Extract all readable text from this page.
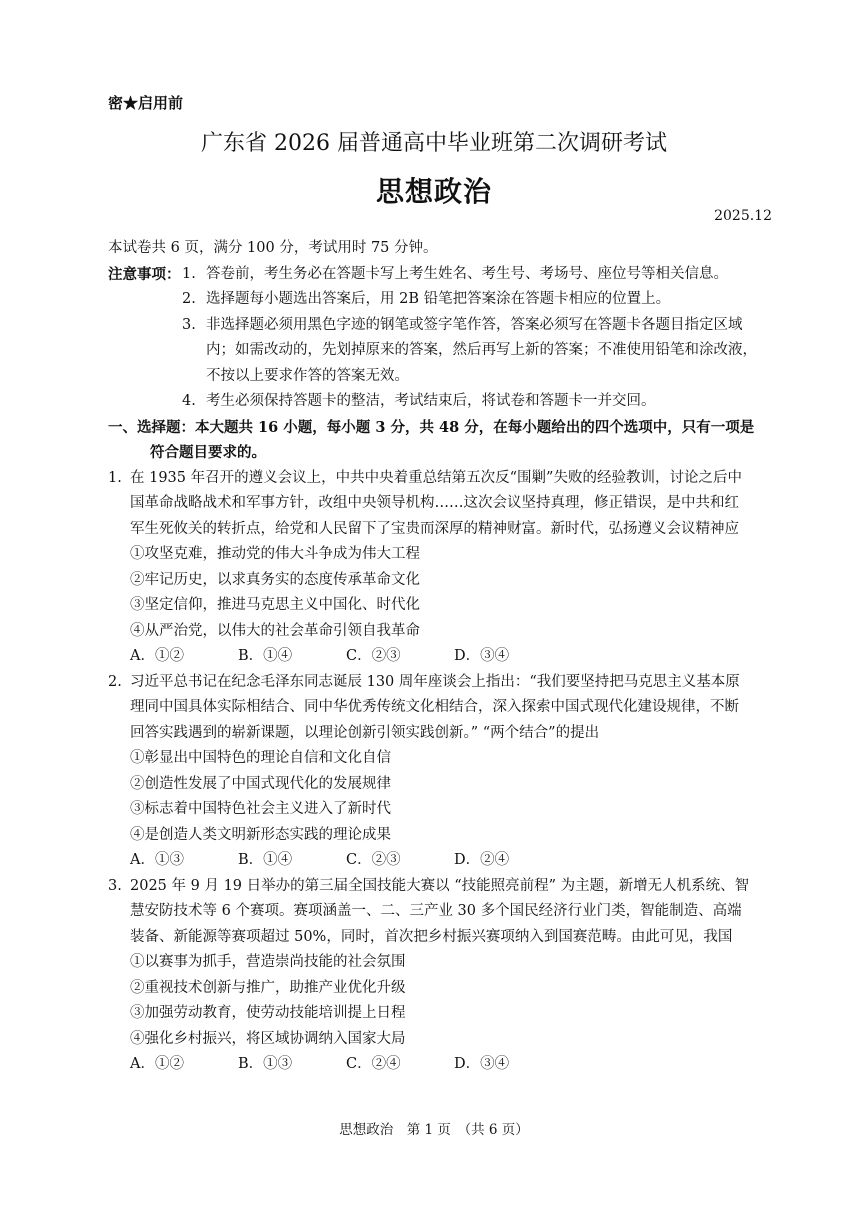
密★启用前
广东省 2026 届普通高中毕业班第二次调研考试
思想政治
2025.12
本试卷共 6 页，满分 100 分，考试用时 75 分钟。
注意事项： 1. 答卷前，考生务必在答题卡写上考生姓名、考生号、考场号、座位号等相关信息。
2. 选择题每小题选出答案后，用 2B 铅笔把答案涂在答题卡相应的位置上。
3. 非选择题必须用黑色字迹的钢笔或签字笔作答，答案必须写在答题卡各题目指定区域
内；如需改动的，先划掉原来的答案，然后再写上新的答案；不准使用铅笔和涂改液，
不按以上要求作答的答案无效。
4. 考生必须保持答题卡的整洁，考试结束后，将试卷和答题卡一并交回。
一、选择题：本大题共 16 小题，每小题 3 分，共 48 分，在每小题给出的四个选项中，只有一项是
符合题目要求的。
1. 在 1935 年召开的遵义会议上，中共中央着重总结第五次反“围剿”失败的经验教训，讨论之后中
国革命战略战术和军事方针，改组中央领导机构……这次会议坚持真理，修正错误，是中共和红
军生死攸关的转折点，给党和人民留下了宝贵而深厚的精神财富。新时代，弘扬遵义会议精神应
①攻坚克难，推动党的伟大斗争成为伟大工程
②牢记历史，以求真务实的态度传承革命文化
③坚定信仰，推进马克思主义中国化、时代化
④从严治党，以伟大的社会革命引领自我革命
A．①②	B．①④	C．②③	D．③④
2. 习近平总书记在纪念毛泽东同志诞辰 130 周年座谈会上指出：“我们要坚持把马克思主义基本原
理同中国具体实际相结合、同中华优秀传统文化相结合，深入探索中国式现代化建设规律，不断
回答实践遇到的崭新课题，以理论创新引领实践创新。” “两个结合”的提出
①彰显出中国特色的理论自信和文化自信
②创造性发展了中国式现代化的发展规律
③标志着中国特色社会主义进入了新时代
④是创造人类文明新形态实践的理论成果
A．①③	B．①④	C．②③	D．②④
3. 2025 年 9 月 19 日举办的第三届全国技能大赛以 “技能照亮前程” 为主题，新增无人机系统、智
慧安防技术等 6 个赛项。赛项涵盖一、二、三产业 30 多个国民经济行业门类，智能制造、高端
装备、新能源等赛项超过 50%，同时，首次把乡村振兴赛项纳入到国赛范畴。由此可见，我国
①以赛事为抓手，营造崇尚技能的社会氛围
②重视技术创新与推广，助推产业优化升级
③加强劳动教育，使劳动技能培训提上日程
④强化乡村振兴，将区域协调纳入国家大局
A．①②	B．①③	C．②④	D．③④
思想政治　第 1 页　（共 6 页）
